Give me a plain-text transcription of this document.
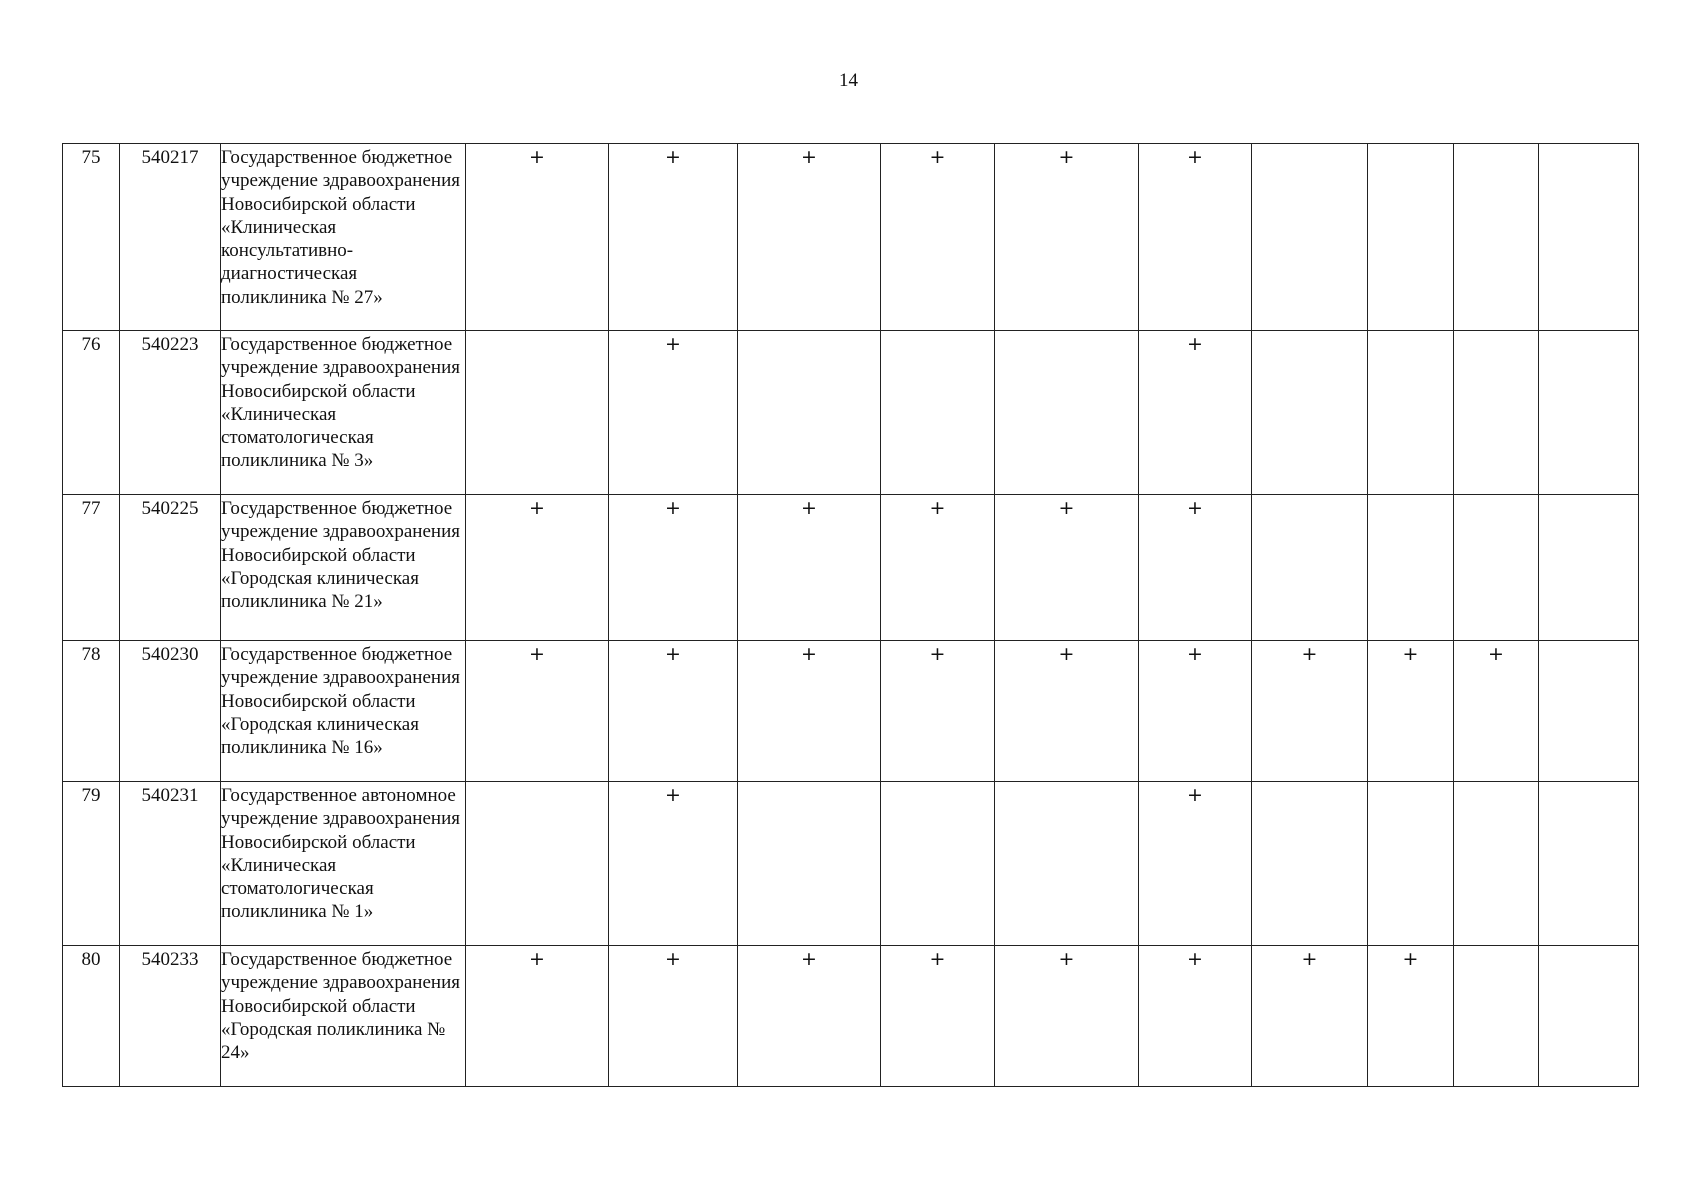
14
75	540217	Государственное бюджетное учреждение здравоохранения Новосибирской области «Клиническая консультативно-диагностическая поликлиника № 27»	+	+	+	+	+	+				
76	540223	Государственное бюджетное учреждение здравоохранения Новосибирской области «Клиническая стоматологическая поликлиника № 3»		+				+				
77	540225	Государственное бюджетное учреждение здравоохранения Новосибирской области «Городская клиническая поликлиника № 21»	+	+	+	+	+	+				
78	540230	Государственное бюджетное учреждение здравоохранения Новосибирской области «Городская клиническая поликлиника № 16»	+	+	+	+	+	+	+	+	+	
79	540231	Государственное автономное учреждение здравоохранения Новосибирской области «Клиническая стоматологическая поликлиника № 1»		+				+				
80	540233	Государственное бюджетное учреждение здравоохранения Новосибирской области «Городская поликлиника № 24»	+	+	+	+	+	+	+	+		
